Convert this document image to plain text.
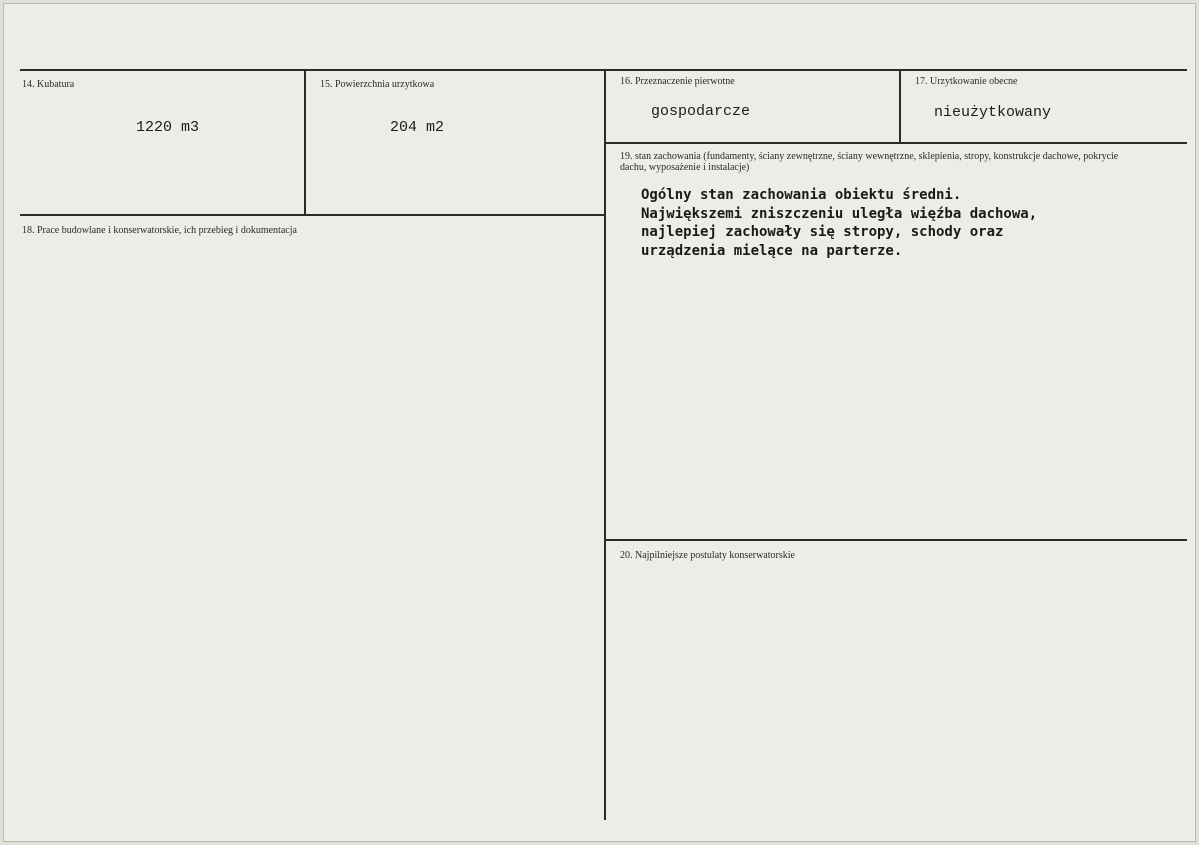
14. Kubatura
1220 m3
15. Powierzchnia urzytkowa
204 m2
16. Przeznaczenie pierwotne
gospodarcze
17. Urzytkowanie obecne
nieużytkowany
18. Prace budowlane i konserwatorskie, ich przebieg i dokumentacja
19. stan zachowania (fundamenty, ściany zewnętrzne, ściany wewnętrzne, sklepienia, stropy, konstrukcje dachowe, pokrycie dachu, wyposażenie i instalacje)
Ogólny stan zachowania obiektu średni.
Największemi zniszczeniu uległa więźba dachowa,
najlepiej zachowały się stropy, schody oraz
urządzenia mielące na parterze.
20. Najpilniejsze postulaty konserwatorskie
